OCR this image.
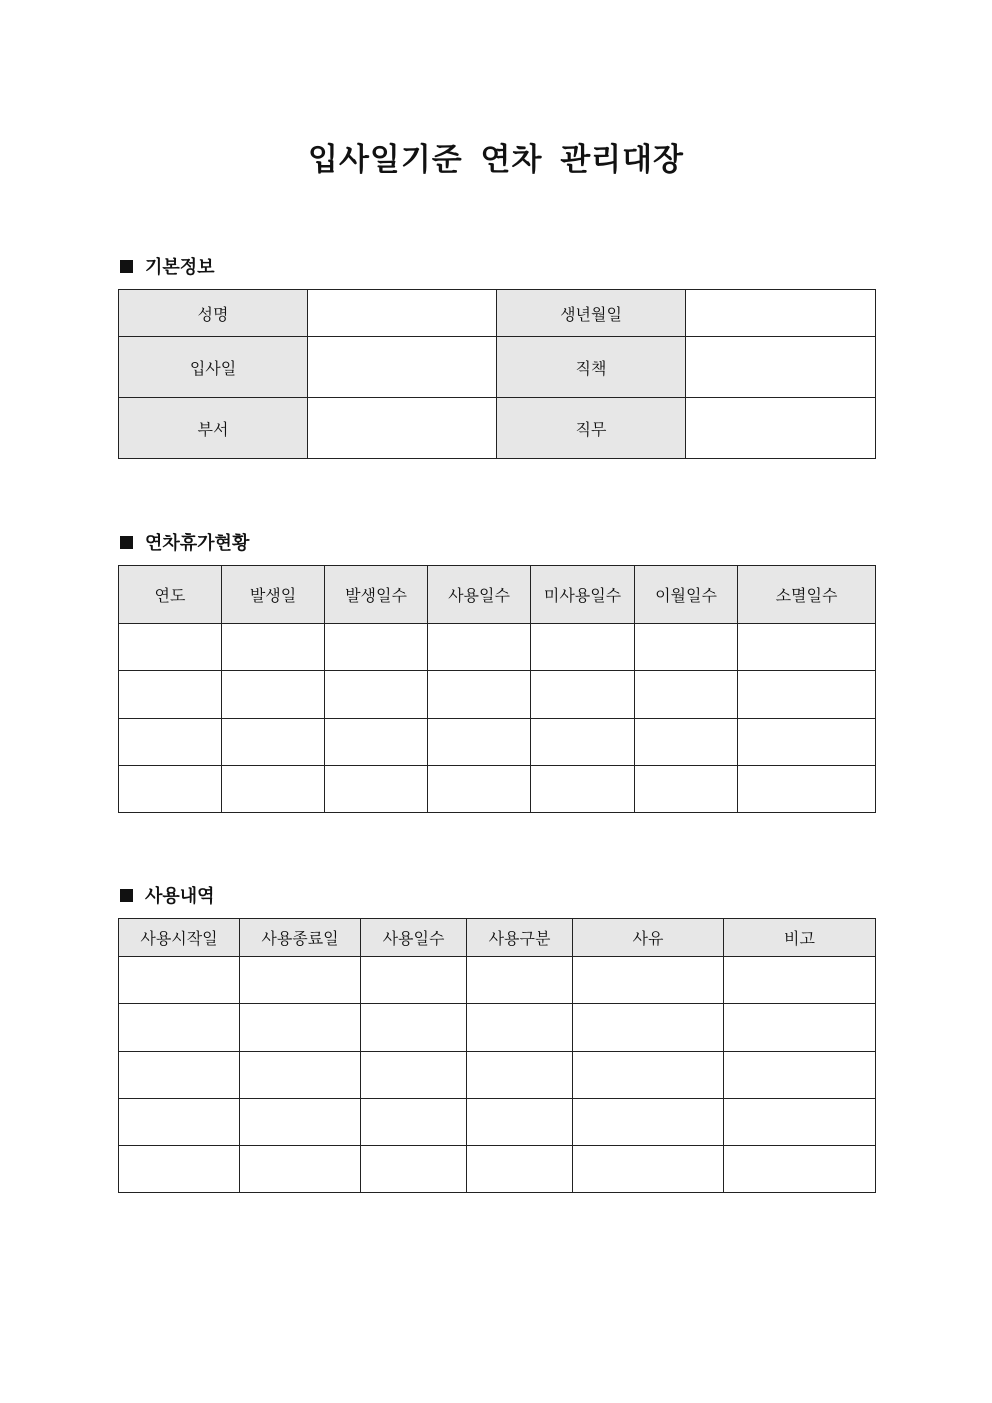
입사일기준 연차 관리대장
기본정보
성명		생년월일	
입사일		직책	
부서		직무	
연차휴가현황
연도	발생일	발생일수	사용일수	미사용일수	이월일수	소멸일수

사용내역
사용시작일	사용종료일	사용일수	사용구분	사유	비고
